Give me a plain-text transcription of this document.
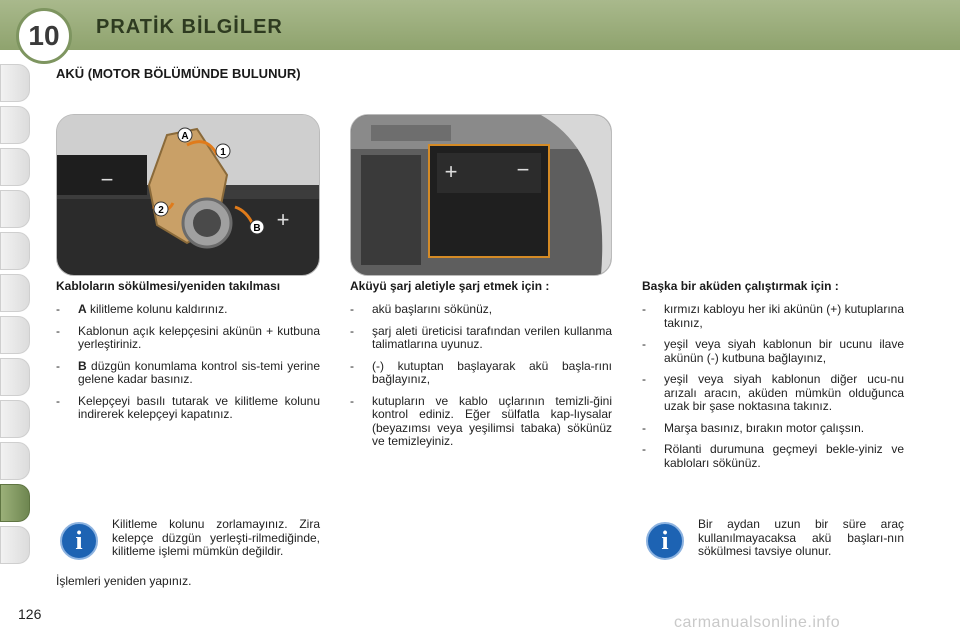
10	PRATİK BİLGİLER
AKÜ (MOTOR BÖLÜMÜNDE BULUNUR)
A
B
1
2
−
+
+	−
Kabloların sökülmesi/yeniden takılması
- A kilitleme kolunu kaldırınız.
-	Kablonun açık kelepçesini akünün + kutbuna yerleştiriniz.
-	B düzgün konumlama kontrol sis-temi yerine gelene kadar basınız.
-	Kelepçeyi basılı tutarak ve kilitleme kolunu indirerek kelepçeyi kapatınız.
Aküyü şarj aletiyle şarj etmek için :
-	akü başlarını sökünüz,
-	şarj aleti üreticisi tarafından verilen kullanma talimatlarına uyunuz.
-	(-) kutuptan başlayarak akü başla-rını bağlayınız,
-	kutupların ve kablo uçlarının temizli-ğini kontrol ediniz. Eğer sülfatla kap-lıysalar (beyazımsı veya yeşilimsi tabaka) sökünüz ve temizleyiniz.
Başka bir aküden çalıştırmak için :
-	kırmızı kabloyu her iki akünün (+) kutuplarına takınız,
-	yeşil veya siyah kablonun bir ucunu ilave akünün (-) kutbuna bağlayınız,
-	yeşil veya siyah kablonun diğer ucu-nu arızalı aracın, aküden mümkün olduğunca uzak bir şase noktasına takınız.
-	Marşa basınız, bırakın motor çalışsın.
-	Rölanti durumuna geçmeyi bekle-yiniz ve kabloları sökünüz.
i
Kilitleme kolunu zorlamayınız. Zira kelepçe düzgün yerleşti-rilmediğinde, kilitleme işlemi mümkün değildir.
İşlemleri yeniden yapınız.
i
Bir aydan uzun bir süre araç kullanılmayacaksa akü başları-nın sökülmesi tavsiye olunur.
126	carmanualsonline.info
